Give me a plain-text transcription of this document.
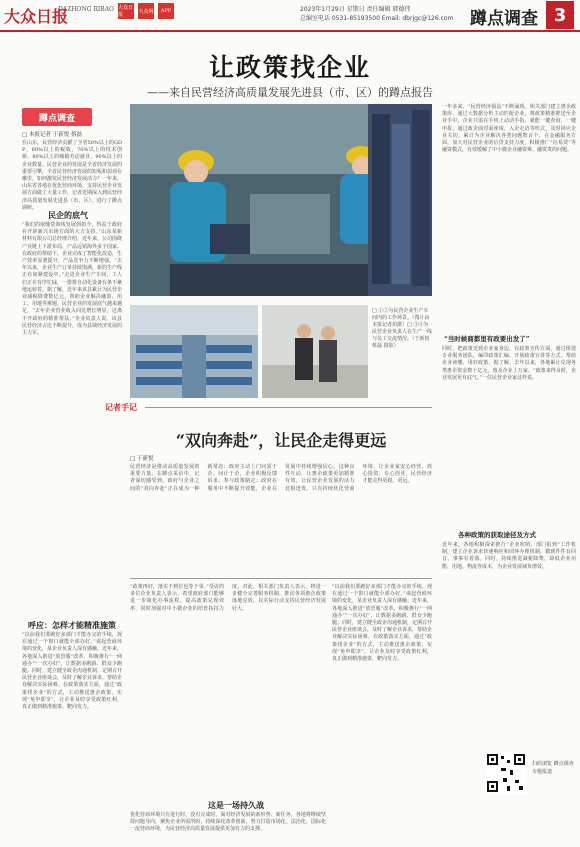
大众日报
DAZHONG RIBAO 大众日报
大众网	APP	2023年1月29日 星期日 责任编辑 韩德伟
总编室电话 0531-85193500 Email: dbrjgc@126.com 蹲点调查 3
让政策找企业
——来自民营经济高质量发展先进县（市、区）的蹲点报告
蹲点调查
□ 本报记者 于新悦 蔡磊
在山东，民营经济贡献了全省50%以上的GDP、60%以上的税收、70%以上的技术创新、80%以上的城镇劳动就业、90%以上的企业数量。民营企业的发展是全省经济发展的重要引擎，全省民营经济发展的短板和弱项在哪里，如何激发民营经济发展活力？一年来，山东省各地在优化营商环境、支持民营企业发展方面做了大量工作，记者近期深入到民营经济高质量发展先进县（市、区），进行了蹲点调研。
民企的底气
“我们的嵌缝装饰线发展到如今，得益于政府在开辟新兴市场方面的大力支持。”山东某新材料有限公司总经理介绍。近年来，公司围绕产业链上下游布局，产品远销海外多个国家。在政府的帮助下，企业完成了智能化改造，生产效率显著提升，产品竞争力不断增强。“去年以来，企业生产订单持续饱满，新的生产线正在加紧建设中。”走进企业生产车间，工人们正在有序忙碌，一排排自动化设备有条不紊地运转着。据了解，近年来该县累计为民营企业减税降费数亿元，帮助企业解决融资、用工、用地等难题，民营企业的发展底气越来越足。“去年企业营业收入同比增长明显，这离不开政府的精准帮扶。”企业负责人说。该县民营经济占比不断提升，成为县域经济发展的主力军。
呼应：怎样才能精准施策
“以前我们要跑好多部门才能办完的手续，现在通过一个窗口就能全部办好。”谈起营商环境的变化，某企业负责人深有感触。近年来，各地深入推进“放管服”改革，积极推行“一网通办”“一次办好”，让数据多跑路、群众少跑腿。同时，建立健全政企沟通机制，定期召开民营企业座谈会，及时了解企业诉求，帮助企业解决实际困难。在政策落实方面，通过“政策找企业”的方式，主动推送惠企政策，实现“免申即享”，让企业及时享受政策红利，真正做到精准施策、靶向发力。
□ ①②为民营企业生产车间内的工作场景。（图片由本报记者拍摄）□ ③④为民营企业负责人在生产一线与员工交流情况。（于新悦 蔡磊 摄影）
记者手记
“双向奔赴”，让民企走得更远
□ 于新悦
民营经济是推动高质量发展的重要力量。在蹲点采访中，记者深切感受到，政府与企业之间的“双向奔赴”正在成为一种新常态：政府主动上门问需于企、问计于企，企业积极反馈诉求、参与政策制定；政府在服务中不断提升效能，企业在发展中持续增强信心。这种良性互动，让惠企政策更加精准有效，让民营企业发展的活力竞相迸发。只有持续优化营商环境，让企业家安心经营、放心投资、专心创业，民营经济才能走得更稳、更远。
“政策再好，落实不到位也等于零。”受访的多位企业负责人表示，希望政府部门能够进一步简化办事流程，提高政策兑现效率，同时加强对中小微企业的培育扶持力度。对此，相关部门负责人表示，将进一步健全完善服务机制，推动各项惠企政策落地见效，以实际行动支持民营经济发展壮大。
这是一场持久战
优化营商环境只有进行时，没有完成时。面对经济发展的新形势、新任务，各地将继续坚持问题导向，聚焦企业所需所盼，持续深化改革创新，努力打造市场化、法治化、国际化一流营商环境，为民营经济高质量发展提供更加有力的支撑。
“以前我们要跑好多部门才能办完的手续，现在通过一个窗口就能全部办好。”谈起营商环境的变化，某企业负责人深有感触。近年来，各地深入推进“放管服”改革，积极推行“一网通办”“一次办好”，让数据多跑路、群众少跑腿。同时，建立健全政企沟通机制，定期召开民营企业座谈会，及时了解企业诉求，帮助企业解决实际困难。在政策落实方面，通过“政策找企业”的方式，主动推送惠企政策，实现“免申即享”，让企业及时享受政策红利，真正做到精准施策、靶向发力。
一年多来，“民营经济强县”不断涌现。相关部门建立惠企政策库，通过大数据分析主动匹配企业，将政策精准推送至企业手中。企业只需在手机上动动手指，就能一键查询、一键申报。通过政企面对面座谈、入企走访等形式，及时回应企业关切，累计为企业解决各类问题数百个。在金融服务方面，加大对民营企业的信贷支持力度，积极推广“信易贷”等融资模式，有效缓解了中小微企业融资难、融资贵的问题。
“当时候商都里有政要出发了”
同时，把政策送到企业家身边。在政策宣传方面，通过组建专业服务团队、编印政策汇编、开展政策宣讲等方式，帮助企业读懂、用好政策。据了解，去年以来，各地累计兑现各类惠企资金数十亿元，惠及企业上万家。“政策来得及时，企业发展更有底气。”一位民营企业家这样说。
各种政策的获取途径及方式
近年来，各地积极探索推行“企业吹哨、部门报到”工作机制，建立企业诉求快速响应和闭环办理机制，做到件件有回音、事事有着落。同时，持续推进减税降费，降低企业用能、用地、物流等成本，为企业发展减负增效。
扫码浏览 蹲点调查 专题报道
